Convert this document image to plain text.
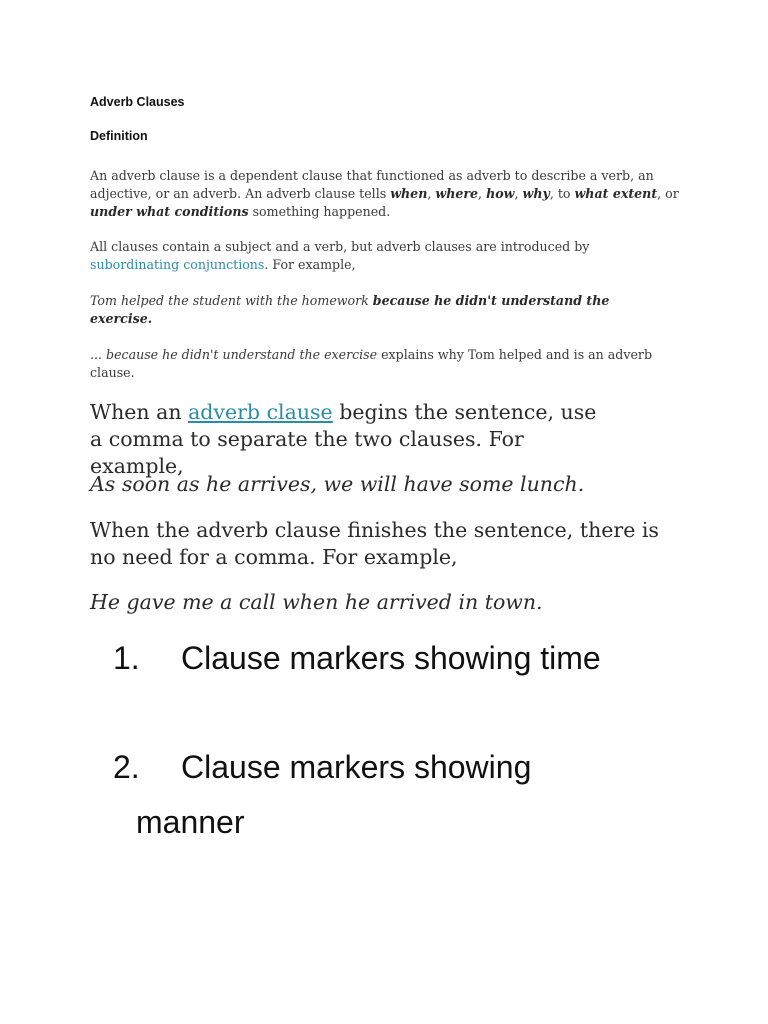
Adverb Clauses
Definition
An adverb clause is a dependent clause that functioned as adverb to describe a verb, an adjective, or an adverb. An adverb clause tells when, where, how, why, to what extent, or under what conditions something happened.
All clauses contain a subject and a verb, but adverb clauses are introduced by subordinating conjunctions. For example,
Tom helped the student with the homework because he didn't understand the exercise.
... because he didn't understand the exercise explains why Tom helped and is an adverb clause.
When an adverb clause begins the sentence, use a comma to separate the two clauses. For example,
As soon as he arrives, we will have some lunch.
When the adverb clause finishes the sentence, there is no need for a comma. For example,
He gave me a call when he arrived in town.
1. Clause markers showing time
2. Clause markers showing
manner
